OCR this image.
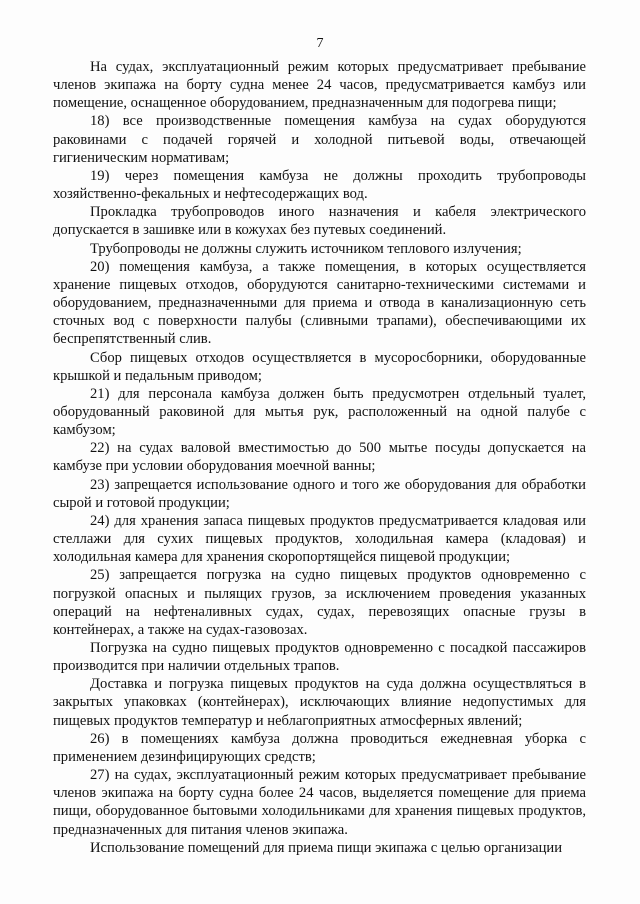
7

На судах, эксплуатационный режим которых предусматривает пребывание членов экипажа на борту судна менее 24 часов, предусматривается камбуз или помещение, оснащенное оборудованием, предназначенным для подогрева пищи;

18) все производственные помещения камбуза на судах оборудуются раковинами с подачей горячей и холодной питьевой воды, отвечающей гигиеническим нормативам;

19) через помещения камбуза не должны проходить трубопроводы хозяйственно-фекальных и нефтесодержащих вод.

Прокладка трубопроводов иного назначения и кабеля электрического допускается в зашивке или в кожухах без путевых соединений.

Трубопроводы не должны служить источником теплового излучения;

20) помещения камбуза, а также помещения, в которых осуществляется хранение пищевых отходов, оборудуются санитарно-техническими системами и оборудованием, предназначенными для приема и отвода в канализационную сеть сточных вод с поверхности палубы (сливными трапами), обеспечивающими их беспрепятственный слив.

Сбор пищевых отходов осуществляется в мусоросборники, оборудованные крышкой и педальным приводом;

21) для персонала камбуза должен быть предусмотрен отдельный туалет, оборудованный раковиной для мытья рук, расположенный на одной палубе с камбузом;

22) на судах валовой вместимостью до 500 мытье посуды допускается на камбузе при условии оборудования моечной ванны;

23) запрещается использование одного и того же оборудования для обработки сырой и готовой продукции;

24) для хранения запаса пищевых продуктов предусматривается кладовая или стеллажи для сухих пищевых продуктов, холодильная камера (кладовая) и холодильная камера для хранения скоропортящейся пищевой продукции;

25) запрещается погрузка на судно пищевых продуктов одновременно с погрузкой опасных и пылящих грузов, за исключением проведения указанных операций на нефтеналивных судах, судах, перевозящих опасные грузы в контейнерах, а также на судах-газовозах.

Погрузка на судно пищевых продуктов одновременно с посадкой пассажиров производится при наличии отдельных трапов.

Доставка и погрузка пищевых продуктов на суда должна осуществляться в закрытых упаковках (контейнерах), исключающих влияние недопустимых для пищевых продуктов температур и неблагоприятных атмосферных явлений;

26) в помещениях камбуза должна проводиться ежедневная уборка с применением дезинфицирующих средств;

27) на судах, эксплуатационный режим которых предусматривает пребывание членов экипажа на борту судна более 24 часов, выделяется помещение для приема пищи, оборудованное бытовыми холодильниками для хранения пищевых продуктов, предназначенных для питания членов экипажа.

Использование помещений для приема пищи экипажа с целью организации
